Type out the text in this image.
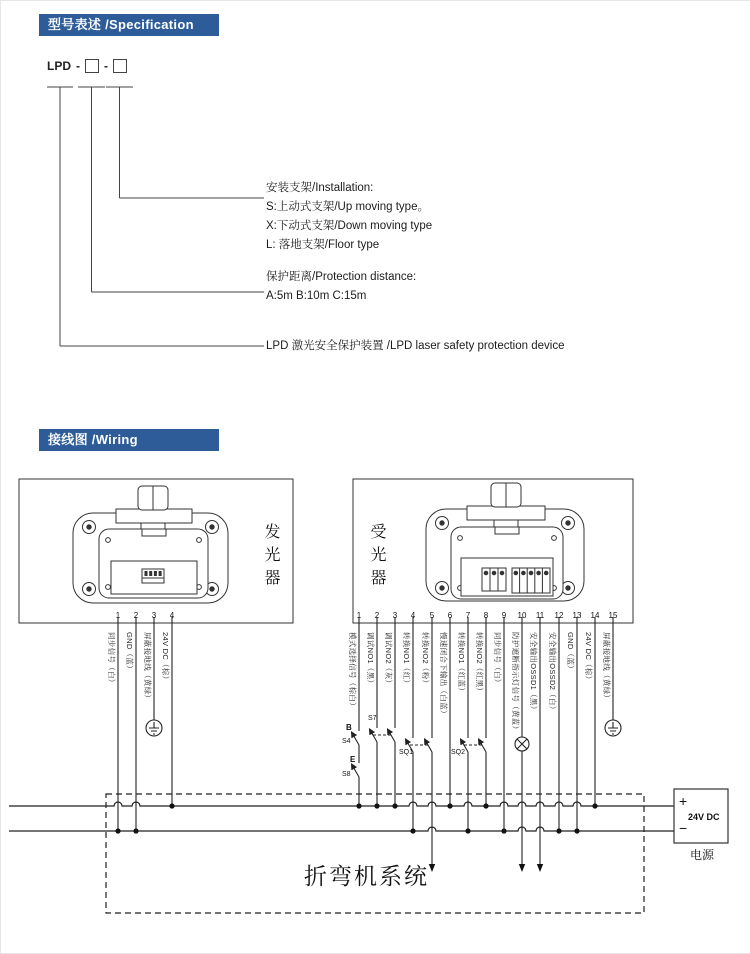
型号表述 /Specification
LPD - -
安装支架/Installation:
S:上动式支架/Up moving type。
X:下动式支架/Down moving type
L: 落地支架/Floor type
保护距离/Protection distance:
A:5m B:10m C:15m
LPD 激光安全保护装置 /LPD laser safety protection device
接线图 /Wiring
发光器	受光器
1
同步信号（白）
2
GND（蓝）
3
屏蔽接地线（黄绿）
4
24V DC（棕）
1
模式选择信号（棕白）
2
调试NO1（黑）
3
调试NO2（灰）
4
转换NO1（红）
5
转换NO2（粉）
6
慢速闭合下输出（白蓝）
7
转换NO1（红蓝）
8
转换NO2（红黑）
9
同步信号（白）
10
防护遮断指示灯信号（黄蓝）
11
安全输出OSSD1（黑）
12
安全输出OSSD2（白）
13
GND（蓝）
14
24V DC（棕）
15
屏蔽接地线（黄绿）
B
S4
E
S8
S7
SQ1	SQ2
+
−
24V DC
电源
折弯机系统
